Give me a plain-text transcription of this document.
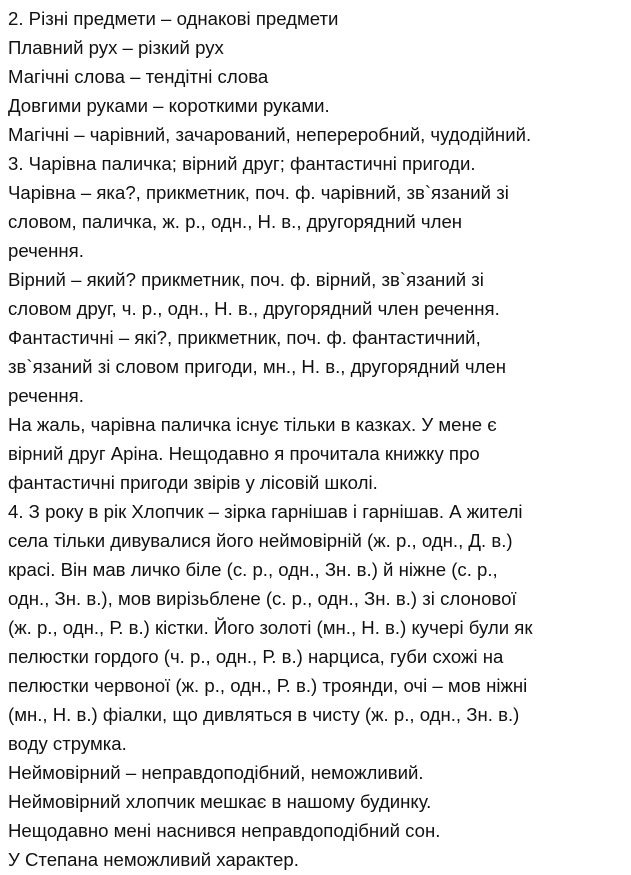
2. Різні предмети – однакові предмети
Плавний рух – різкий рух
Магічні слова – тендітні слова
Довгими руками – короткими руками.
Магічні – чарівний, зачарований, неперeробний, чудодійний.
3. Чарівна паличка; вірний друг; фантастичні пригоди.
Чарівна – яка?, прикметник, поч. ф. чарівний, зв`язаний зі
словом, паличка, ж. р., одн., Н. в., другорядний член
речення.
Вірний – який? прикметник, поч. ф. вірний, зв`язаний зі
словом друг, ч. р., одн., Н. в., другорядний член речення.
Фантастичні – які?, прикметник, поч. ф. фантастичний,
зв`язаний зі словом пригоди, мн., Н. в., другорядний член
речення.
На жаль, чарівна паличка існує тільки в казках. У мене є
вірний друг Аріна. Нещодавно я прочитала книжку про
фантастичні пригоди звірів у лісовій школі.
4. З року в рік Хлопчик – зірка гарнішав і гарнішав. А жителі
села тільки дивувалися його неймовірній (ж. р., одн., Д. в.)
красі. Він мав личко біле (с. р., одн., Зн. в.) й ніжне (с. р.,
одн., Зн. в.), мов вирізьблене (с. р., одн., Зн. в.) зі слонової
(ж. р., одн., Р. в.) кістки. Його золоті (мн., Н. в.) кучері були як
пелюстки гордого (ч. р., одн., Р. в.) нарциса, губи схожі на
пелюстки червоної (ж. р., одн., Р. в.) троянди, очі – мов ніжні
(мн., Н. в.) фіалки, що дивляться в чисту (ж. р., одн., Зн. в.)
воду струмка.
Неймовірний – неправдоподібний, неможливий.
Неймовірний хлопчик мешкає в нашому будинку.
Нещодавно мені наснився неправдоподібний сон.
У Степана неможливий характер.
